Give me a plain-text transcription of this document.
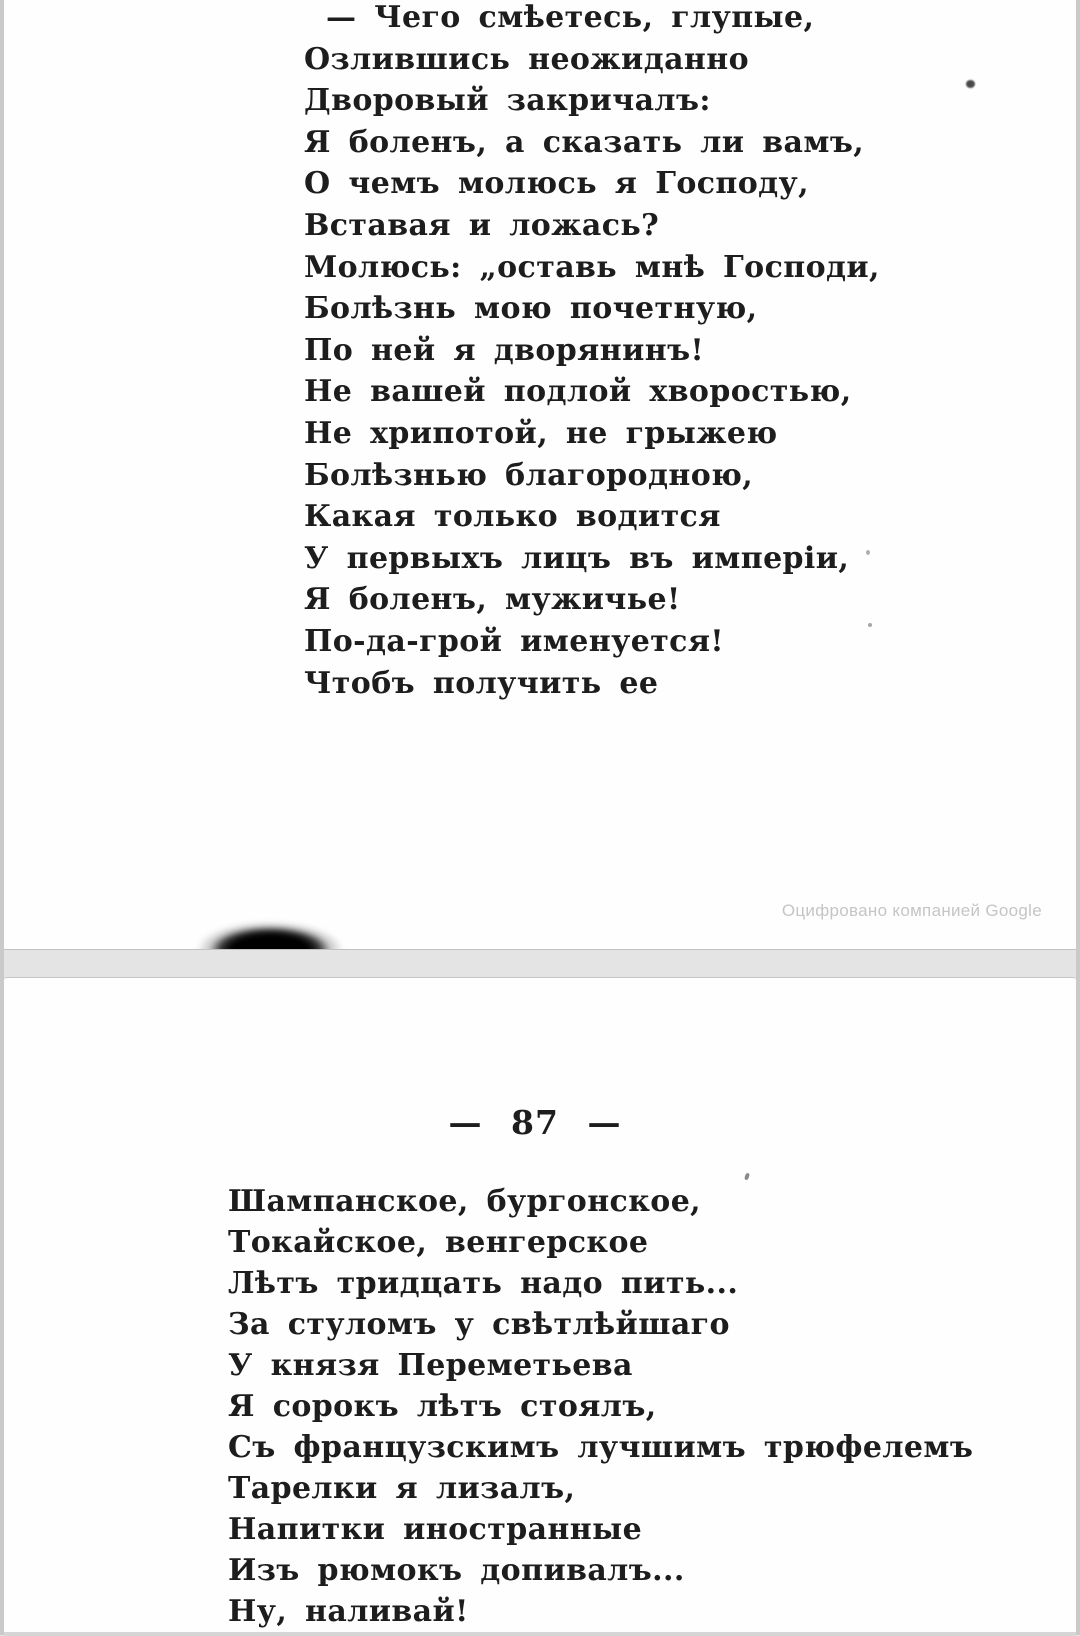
— Чего смѣетесь, глупые,
Озлившись неожиданно
Дворовый закричалъ:
Я боленъ, а сказать ли вамъ,
О чемъ молюсь я Господу,
Вставая и ложась?
Молюсь: „оставь мнѣ Господи,
Болѣзнь мою почетную,
По ней я дворянинъ!
Не вашей подлой хворостью,
Не хрипотой, не грыжею
Болѣзнью благородною,
Какая только водится
У первыхъ лицъ въ имперіи,
Я боленъ, мужичье!
По-да-грой именуется!
Чтобъ получить ее
Оцифровано компанией Google
— 87 —
Шампанское, бургонское,
Токайское, венгерское
Лѣтъ тридцать надо пить...
За стуломъ у свѣтлѣйшаго
У князя Переметьева
Я сорокъ лѣтъ стоялъ,
Съ французскимъ лучшимъ трюфелемъ
Тарелки я лизалъ,
Напитки иностранные
Изъ рюмокъ допивалъ...
Ну, наливай!
